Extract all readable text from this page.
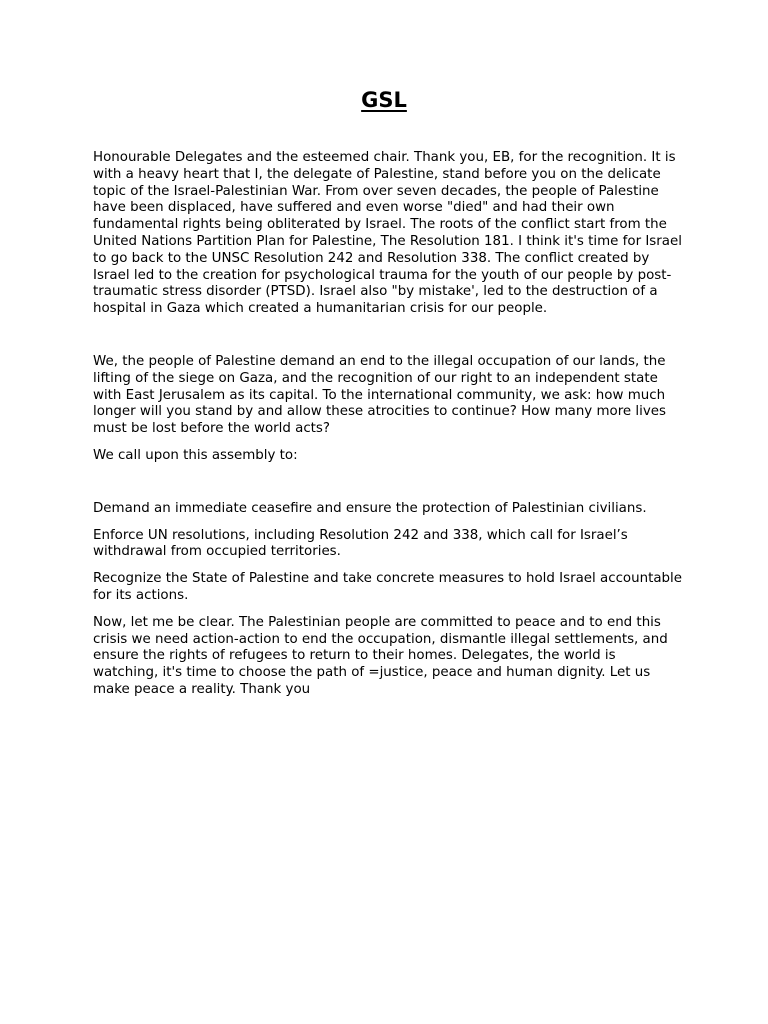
GSL

Honourable Delegates and the esteemed chair. Thank you, EB, for the recognition. It is with a heavy heart that I, the delegate of Palestine, stand before you on the delicate topic of the Israel-Palestinian War. From over seven decades, the people of Palestine have been displaced, have suffered and even worse "died" and had their own fundamental rights being obliterated by Israel. The roots of the conflict start from the United Nations Partition Plan for Palestine, The Resolution 181. I think it's time for Israel to go back to the UNSC Resolution 242 and Resolution 338. The conflict created by Israel led to the creation for psychological trauma for the youth of our people by post-traumatic stress disorder (PTSD). Israel also "by mistake', led to the destruction of a hospital in Gaza which created a humanitarian crisis for our people.

We, the people of Palestine demand an end to the illegal occupation of our lands, the lifting of the siege on Gaza, and the recognition of our right to an independent state with East Jerusalem as its capital. To the international community, we ask: how much longer will you stand by and allow these atrocities to continue? How many more lives must be lost before the world acts?

We call upon this assembly to:

Demand an immediate ceasefire and ensure the protection of Palestinian civilians.

Enforce UN resolutions, including Resolution 242 and 338, which call for Israel’s withdrawal from occupied territories.

Recognize the State of Palestine and take concrete measures to hold Israel accountable for its actions.

Now, let me be clear. The Palestinian people are committed to peace and to end this crisis we need action-action to end the occupation, dismantle illegal settlements, and ensure the rights of refugees to return to their homes. Delegates, the world is watching, it's time to choose the path of =justice, peace and human dignity. Let us make peace a reality. Thank you
